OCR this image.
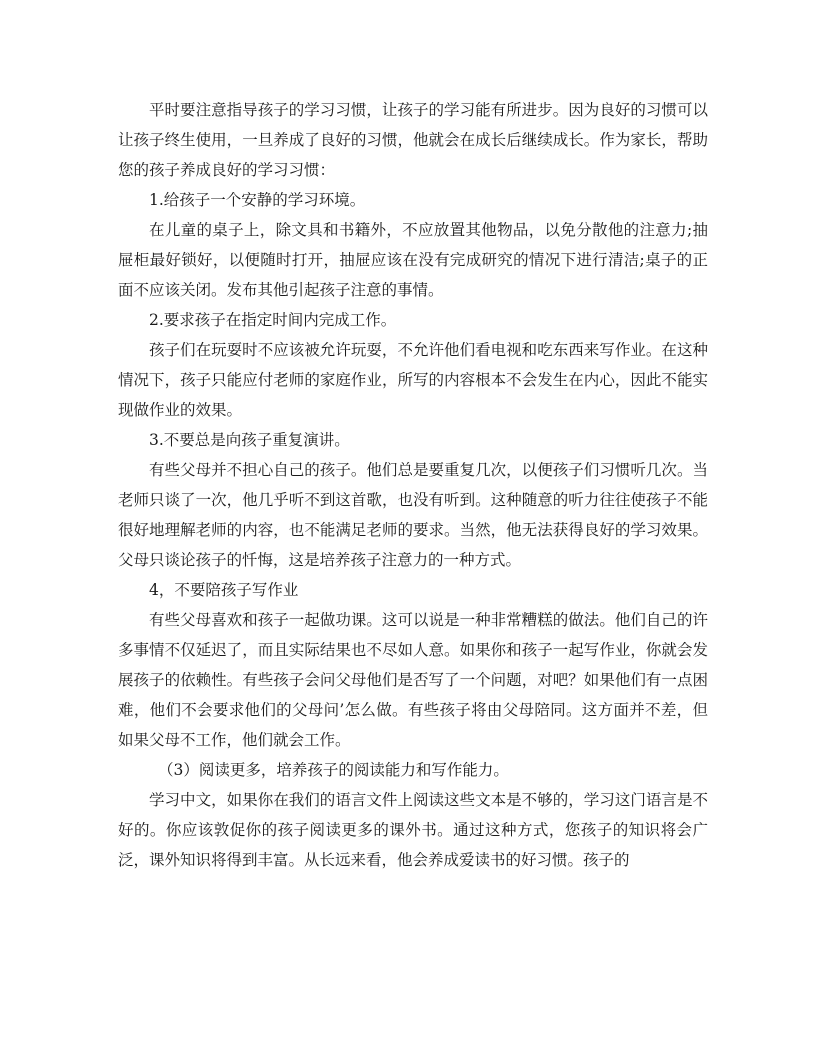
平时要注意指导孩子的学习习惯，让孩子的学习能有所进步。因为良好的习惯可以让孩子终生使用，一旦养成了良好的习惯，他就会在成长后继续成长。作为家长，帮助您的孩子养成良好的学习习惯：

1.给孩子一个安静的学习环境。

在儿童的桌子上，除文具和书籍外，不应放置其他物品，以免分散他的注意力;抽屉柜最好锁好，以便随时打开，抽屉应该在没有完成研究的情况下进行清洁;桌子的正面不应该关闭。发布其他引起孩子注意的事情。

2.要求孩子在指定时间内完成工作。

孩子们在玩耍时不应该被允许玩耍，不允许他们看电视和吃东西来写作业。在这种情况下，孩子只能应付老师的家庭作业，所写的内容根本不会发生在内心，因此不能实现做作业的效果。

3.不要总是向孩子重复演讲。

有些父母并不担心自己的孩子。他们总是要重复几次，以便孩子们习惯听几次。当老师只谈了一次，他几乎听不到这首歌，也没有听到。这种随意的听力往往使孩子不能很好地理解老师的内容，也不能满足老师的要求。当然，他无法获得良好的学习效果。父母只谈论孩子的忏悔，这是培养孩子注意力的一种方式。

4，不要陪孩子写作业

有些父母喜欢和孩子一起做功课。这可以说是一种非常糟糕的做法。他们自己的许多事情不仅延迟了，而且实际结果也不尽如人意。如果你和孩子一起写作业，你就会发展孩子的依赖性。有些孩子会问父母他们是否写了一个问题，对吧？如果他们有一点困难，他们不会要求他们的父母问’怎么做。有些孩子将由父母陪同。这方面并不差，但如果父母不工作，他们就会工作。

（3）阅读更多，培养孩子的阅读能力和写作能力。

学习中文，如果你在我们的语言文件上阅读这些文本是不够的，学习这门语言是不好的。你应该敦促你的孩子阅读更多的课外书。通过这种方式，您孩子的知识将会广泛，课外知识将得到丰富。从长远来看，他会养成爱读书的好习惯。孩子的
